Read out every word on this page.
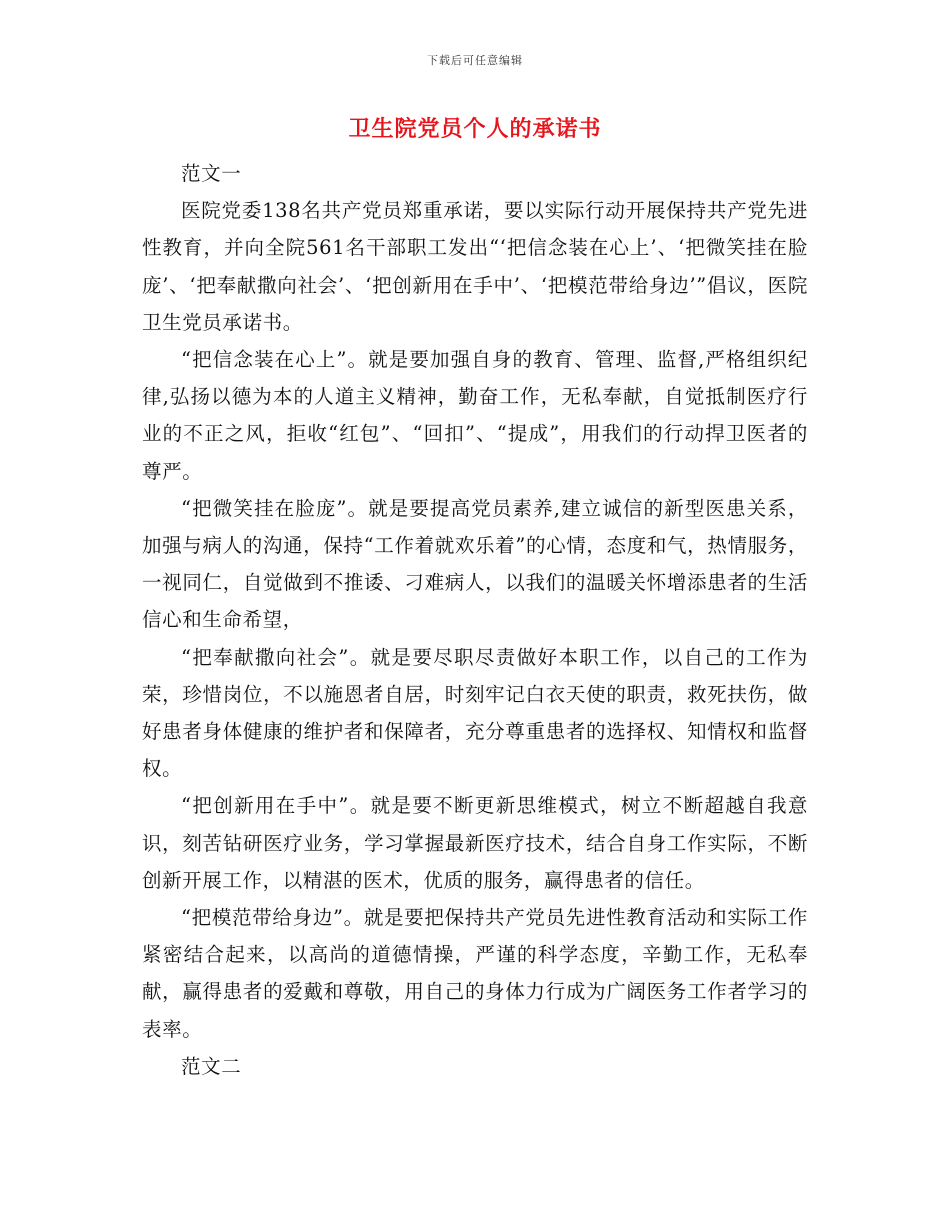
下载后可任意编辑
卫生院党员个人的承诺书

范文一

医院党委138名共产党员郑重承诺，要以实际行动开展保持共产党先进性教育，并向全院561名干部职工发出“‘把信念装在心上’、‘把微笑挂在脸庞’、‘把奉献撒向社会’、‘把创新用在手中’、‘把模范带给身边’”倡议，医院卫生党员承诺书。

“把信念装在心上”。就是要加强自身的教育、管理、监督,严格组织纪律,弘扬以德为本的人道主义精神，勤奋工作，无私奉献，自觉抵制医疗行业的不正之风，拒收“红包”、“回扣”、“提成”，用我们的行动捍卫医者的尊严。

“把微笑挂在脸庞”。就是要提高党员素养,建立诚信的新型医患关系，加强与病人的沟通，保持“工作着就欢乐着”的心情，态度和气，热情服务，一视同仁，自觉做到不推诿、刁难病人，以我们的温暖关怀增添患者的生活信心和生命希望，

“把奉献撒向社会”。就是要尽职尽责做好本职工作，以自己的工作为荣，珍惜岗位，不以施恩者自居，时刻牢记白衣天使的职责，救死扶伤，做好患者身体健康的维护者和保障者，充分尊重患者的选择权、知情权和监督权。

“把创新用在手中”。就是要不断更新思维模式，树立不断超越自我意识，刻苦钻研医疗业务，学习掌握最新医疗技术，结合自身工作实际，不断创新开展工作，以精湛的医术，优质的服务，赢得患者的信任。

“把模范带给身边”。就是要把保持共产党员先进性教育活动和实际工作紧密结合起来，以高尚的道德情操，严谨的科学态度，辛勤工作，无私奉献，赢得患者的爱戴和尊敬，用自己的身体力行成为广阔医务工作者学习的表率。

范文二
